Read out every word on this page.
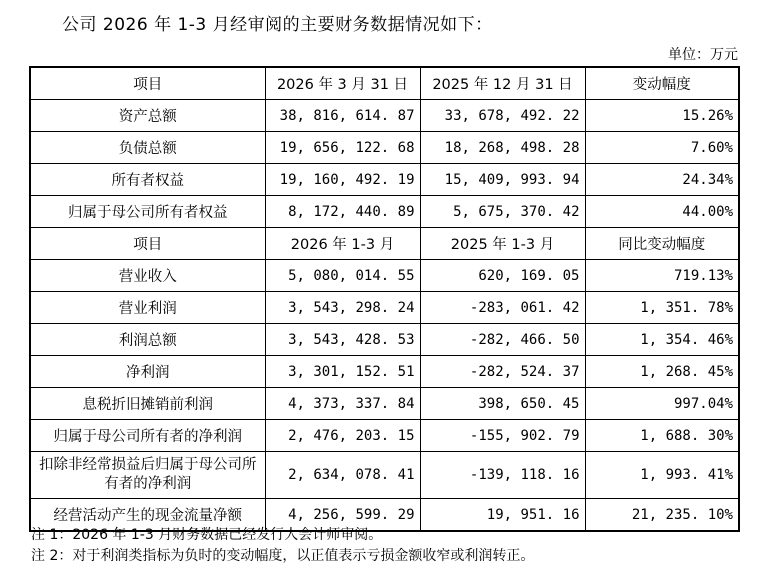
公司 2026 年 1-3 月经审阅的主要财务数据情况如下：
单位：万元
项目	2026 年 3 月 31 日	2025 年 12 月 31 日	变动幅度
资产总额	38, 816, 614. 87	33, 678, 492. 22	15.26%
负债总额	19, 656, 122. 68	18, 268, 498. 28	7.60%
所有者权益	19, 160, 492. 19	15, 409, 993. 94	24.34%
归属于母公司所有者权益	8, 172, 440. 89	5, 675, 370. 42	44.00%
项目	2026 年 1-3 月	2025 年 1-3 月	同比变动幅度
营业收入	5, 080, 014. 55	620, 169. 05	719.13%
营业利润	3, 543, 298. 24	-283, 061. 42	1, 351. 78%
利润总额	3, 543, 428. 53	-282, 466. 50	1, 354. 46%
净利润	3, 301, 152. 51	-282, 524. 37	1, 268. 45%
息税折旧摊销前利润	4, 373, 337. 84	398, 650. 45	997.04%
归属于母公司所有者的净利润	2, 476, 203. 15	-155, 902. 79	1, 688. 30%
扣除非经常损益后归属于母公司所有者的净利润	2, 634, 078. 41	-139, 118. 16	1, 993. 41%
经营活动产生的现金流量净额	4, 256, 599. 29	19, 951. 16	21, 235. 10%
注 1：2026 年 1-3 月财务数据已经发行人会计师审阅。
注 2：对于利润类指标为负时的变动幅度，以正值表示亏损金额收窄或利润转正。
